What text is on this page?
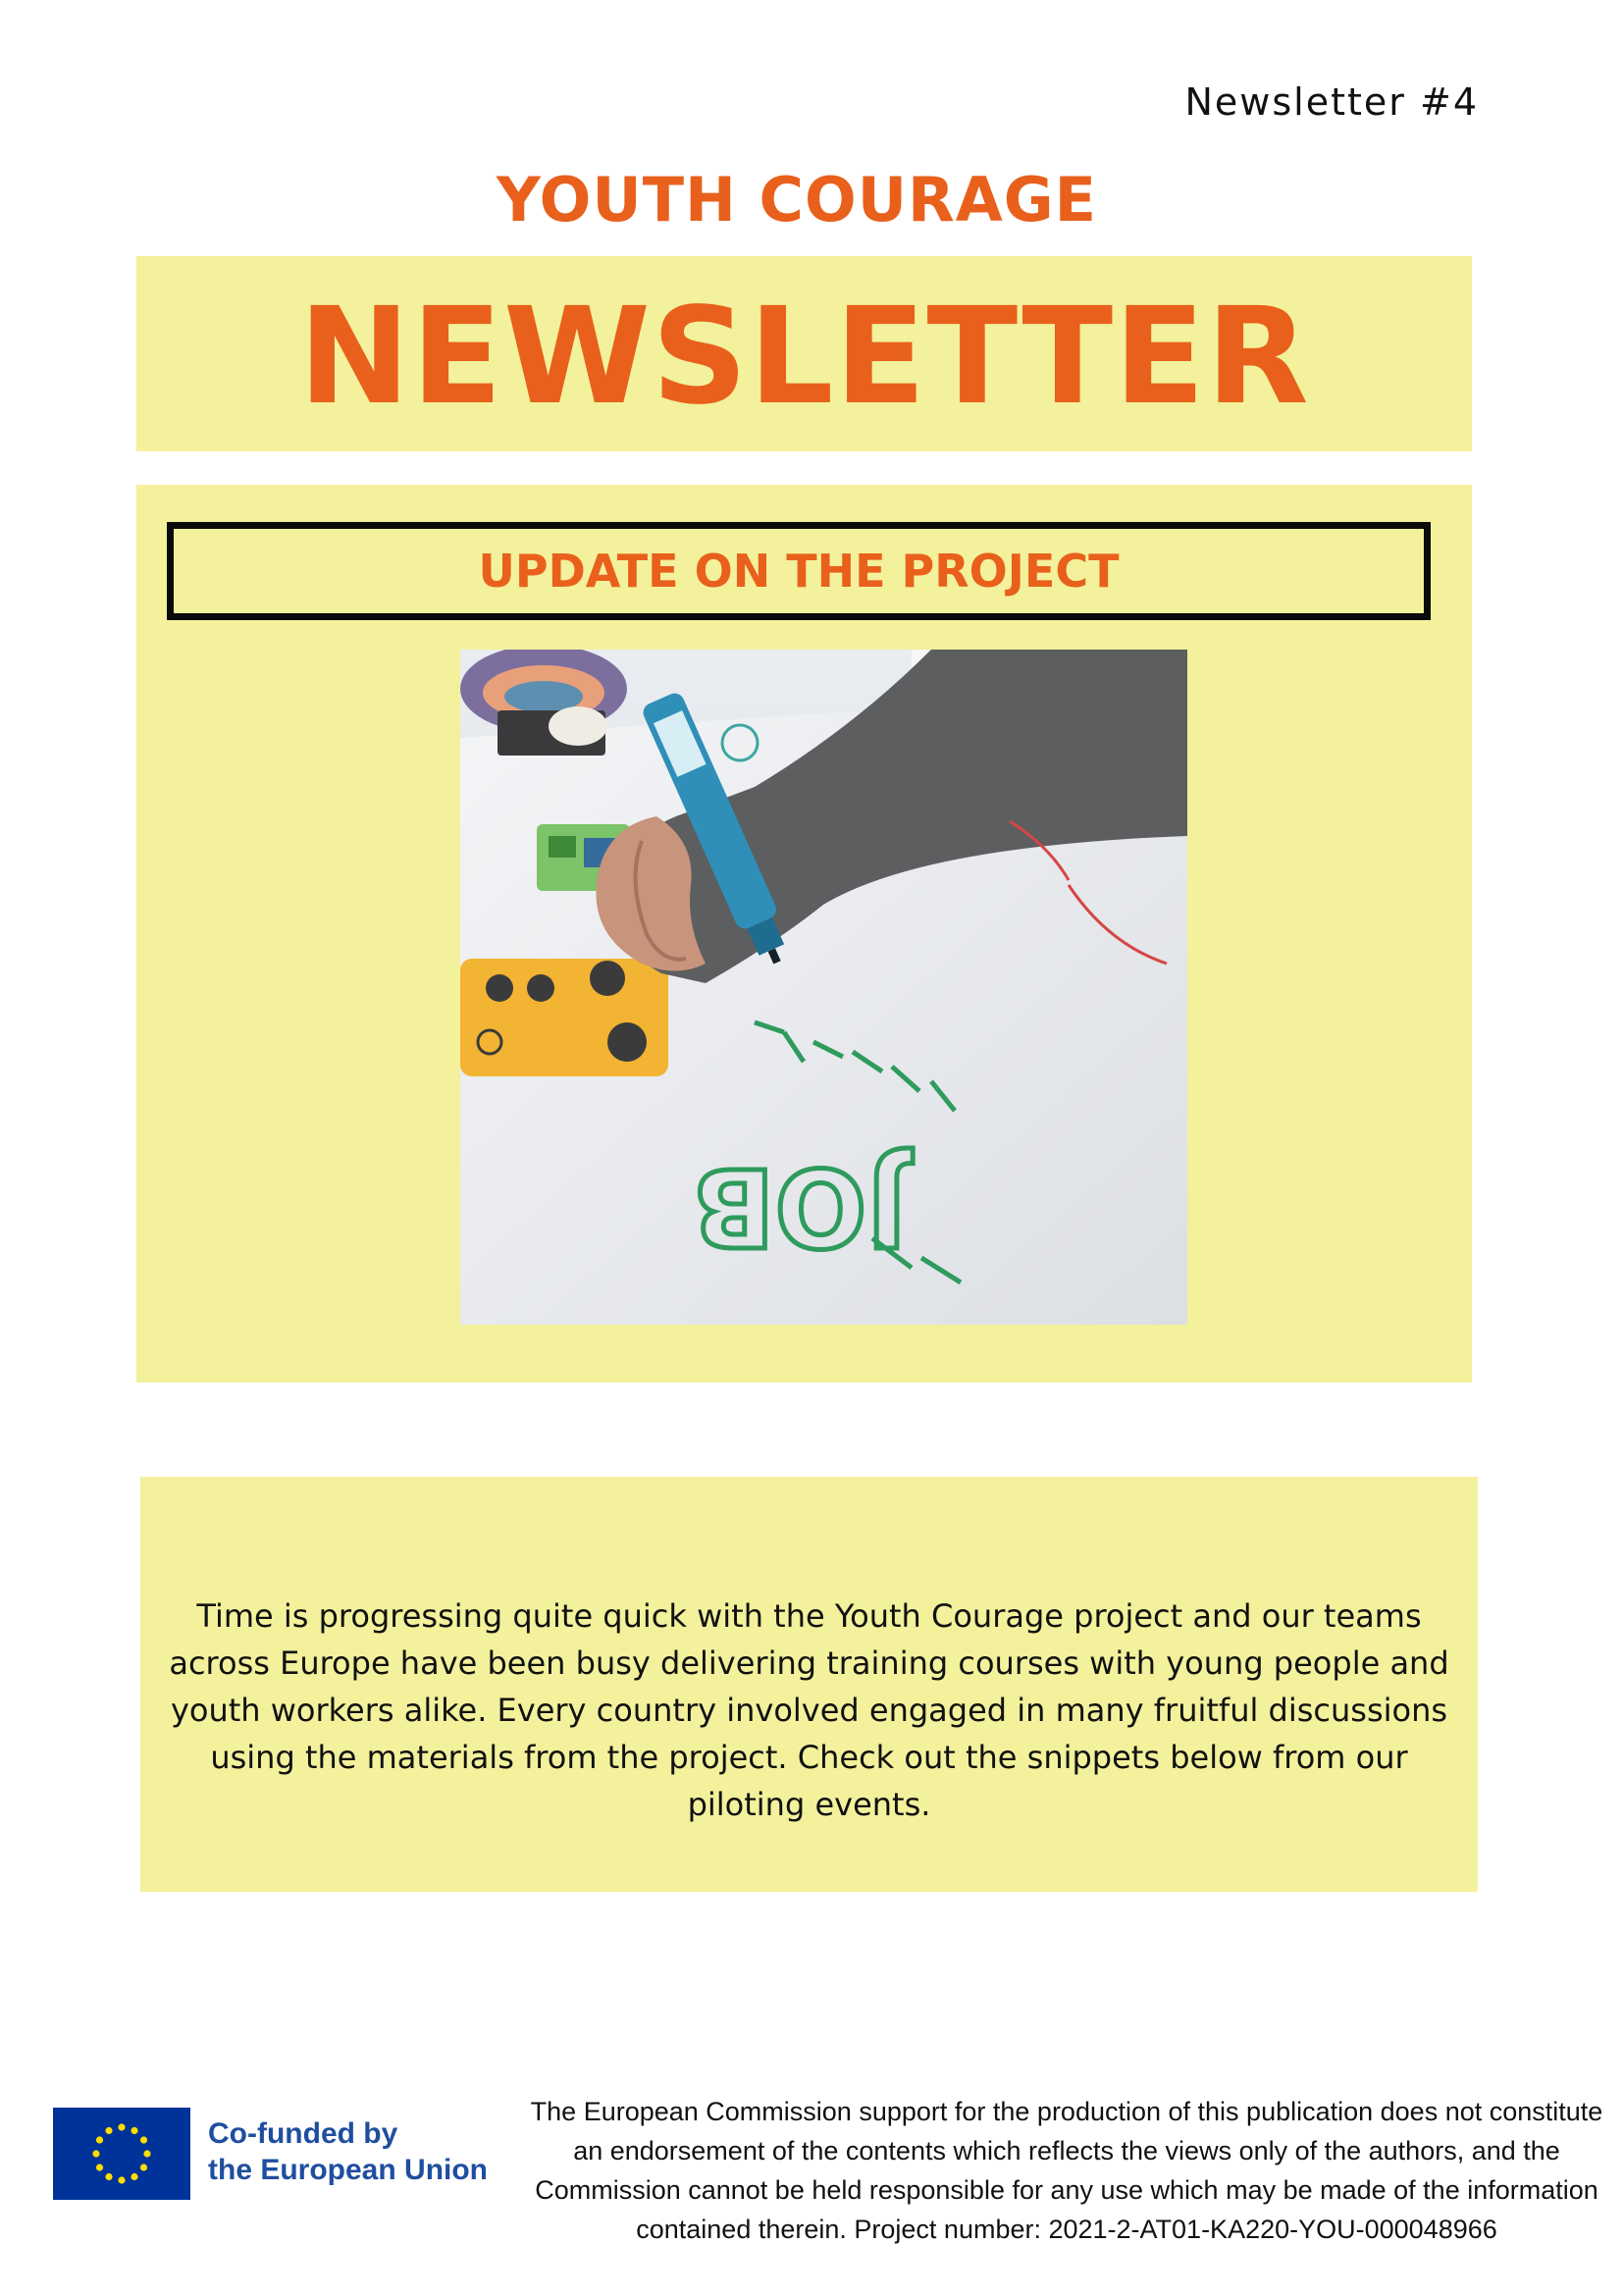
Newsletter #4
YOUTH COURAGE
NEWSLETTER
UPDATE ON THE PROJECT
JOB
Time is progressing quite quick with the Youth Courage project and our teams across Europe have been busy delivering training courses with young people and youth workers alike. Every country involved engaged in many fruitful discussions using the materials from the project. Check out the snippets below from our piloting events.
Co-funded by
the European Union
The European Commission support for the production of this publication does not constitute an endorsement of the contents which reflects the views only of the authors, and the Commission cannot be held responsible for any use which may be made of the information contained therein. Project number: 2021-2-AT01-KA220-YOU-000048966
